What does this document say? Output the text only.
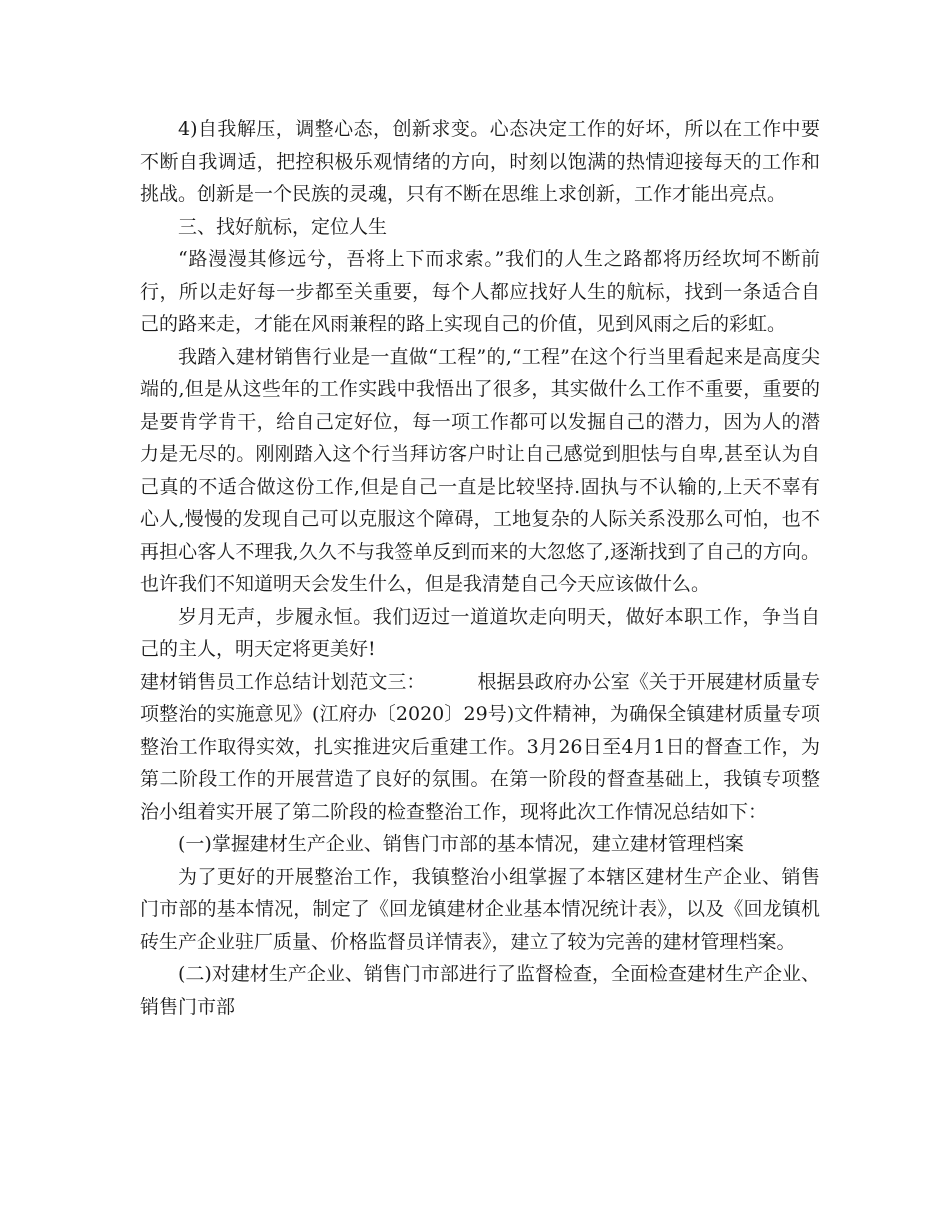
4)自我解压，调整心态，创新求变。心态决定工作的好坏，所以在工作中要不断自我调适，把控积极乐观情绪的方向，时刻以饱满的热情迎接每天的工作和挑战。创新是一个民族的灵魂，只有不断在思维上求创新，工作才能出亮点。

三、找好航标，定位人生

“路漫漫其修远兮，吾将上下而求索。”我们的人生之路都将历经坎坷不断前行，所以走好每一步都至关重要，每个人都应找好人生的航标，找到一条适合自己的路来走，才能在风雨兼程的路上实现自己的价值，见到风雨之后的彩虹。

我踏入建材销售行业是一直做“工程”的,“工程”在这个行当里看起来是高度尖端的,但是从这些年的工作实践中我悟出了很多，其实做什么工作不重要，重要的是要肯学肯干，给自己定好位，每一项工作都可以发掘自己的潜力，因为人的潜力是无尽的。刚刚踏入这个行当拜访客户时让自己感觉到胆怯与自卑,甚至认为自己真的不适合做这份工作,但是自己一直是比较坚持.固执与不认输的,上天不辜有心人,慢慢的发现自己可以克服这个障碍，工地复杂的人际关系没那么可怕，也不再担心客人不理我,久久不与我签单反到而来的大忽悠了,逐渐找到了自己的方向。也许我们不知道明天会发生什么，但是我清楚自己今天应该做什么。

岁月无声，步履永恒。我们迈过一道道坎走向明天，做好本职工作，争当自己的主人，明天定将更美好!

建材销售员工作总结计划范文三：	根据县政府办公室《关于开展建材质量专项整治的实施意见》(江府办〔2020〕29号)文件精神，为确保全镇建材质量专项整治工作取得实效，扎实推进灾后重建工作。3月26日至4月1日的督查工作，为第二阶段工作的开展营造了良好的氛围。在第一阶段的督查基础上，我镇专项整治小组着实开展了第二阶段的检查整治工作，现将此次工作情况总结如下：

(一)掌握建材生产企业、销售门市部的基本情况，建立建材管理档案

为了更好的开展整治工作，我镇整治小组掌握了本辖区建材生产企业、销售门市部的基本情况，制定了《回龙镇建材企业基本情况统计表》，以及《回龙镇机砖生产企业驻厂质量、价格监督员详情表》，建立了较为完善的建材管理档案。

(二)对建材生产企业、销售门市部进行了监督检查，全面检查建材生产企业、销售门市部
